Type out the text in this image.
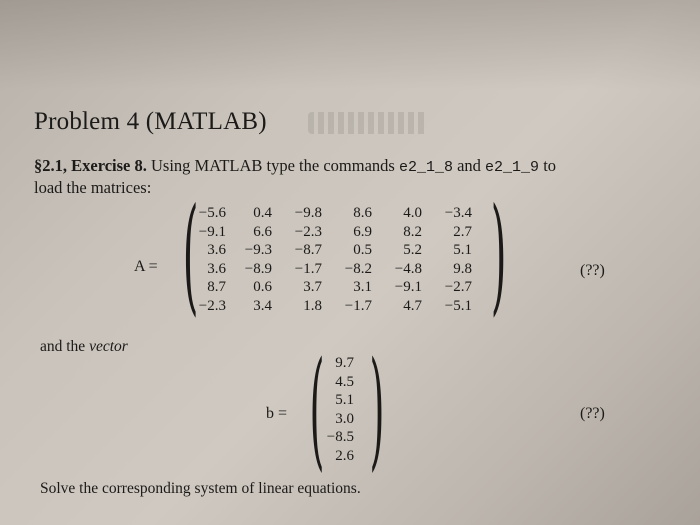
Problem 4 (MATLAB)
§2.1, Exercise 8. Using MATLAB type the commands e2_1_8 and e2_1_9 to
load the matrices:
A = ( )
−5.6	0.4	−9.8	8.6	4.0	−3.4
−9.1	6.6	−2.3	6.9	8.2	2.7
3.6	−9.3	−8.7	0.5	5.2	5.1
3.6	−8.9	−1.7	−8.2	−4.8	9.8
8.7	0.6	3.7	3.1	−9.1	−2.7
−2.3	3.4	1.8	−1.7	4.7	−5.1
(??)
and the vector
b = ( )
9.7
4.5
5.1
3.0
−8.5
2.6
(??)
Solve the corresponding system of linear equations.
